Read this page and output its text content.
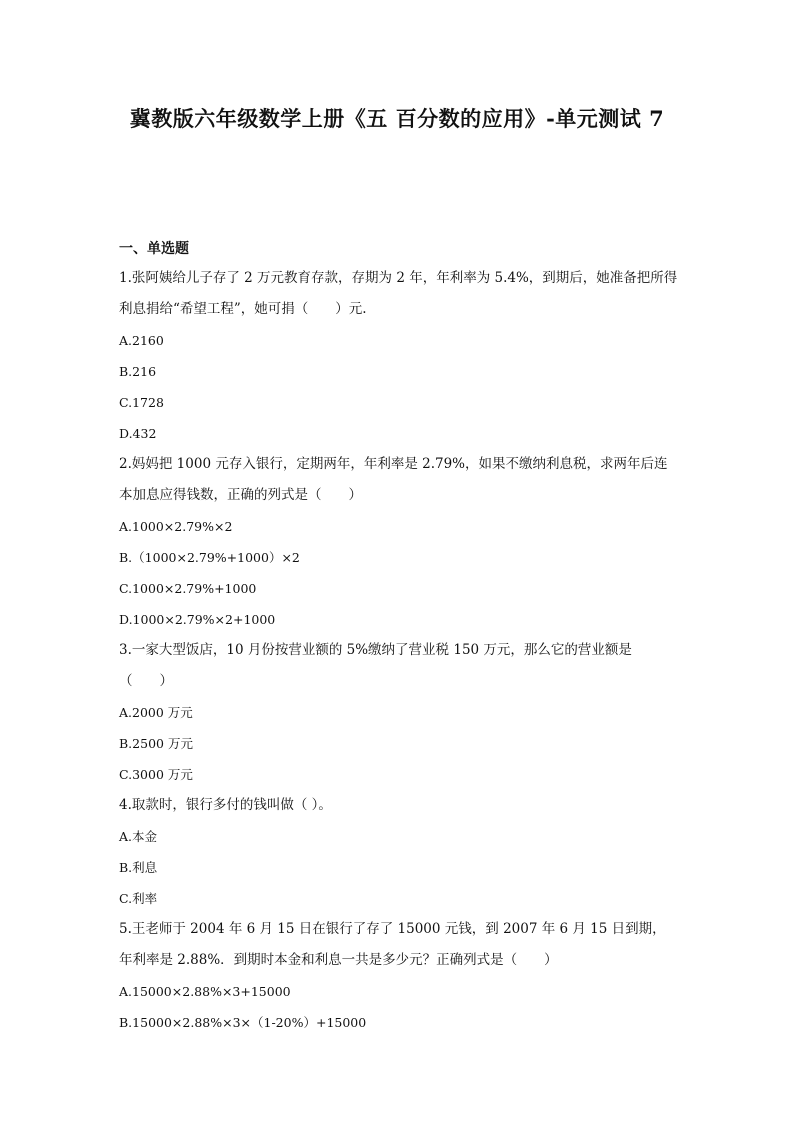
冀教版六年级数学上册《五 百分数的应用》-单元测试 7
一、单选题

1.张阿姨给儿子存了 2 万元教育存款，存期为 2 年，年利率为 5.4%，到期后，她准备把所得利息捐给“希望工程”，她可捐（　　）元.

A.2160

B.216

C.1728

D.432

2.妈妈把 1000 元存入银行，定期两年，年利率是 2.79%，如果不缴纳利息税，求两年后连本加息应得钱数，正确的列式是（　　）

A.1000×2.79%×2

B.（1000×2.79%+1000）×2

C.1000×2.79%+1000

D.1000×2.79%×2+1000

3.一家大型饭店，10 月份按营业额的 5%缴纳了营业税 150 万元，那么它的营业额是（　　）

A.2000 万元

B.2500 万元

C.3000 万元

4.取款时，银行多付的钱叫做（ ）。

A.本金

B.利息

C.利率

5.王老师于 2004 年 6 月 15 日在银行了存了 15000 元钱，到 2007 年 6 月 15 日到期，年利率是 2.88%．到期时本金和利息一共是多少元？正确列式是（　　）

A.15000×2.88%×3+15000

B.15000×2.88%×3×（1-20%）+15000
